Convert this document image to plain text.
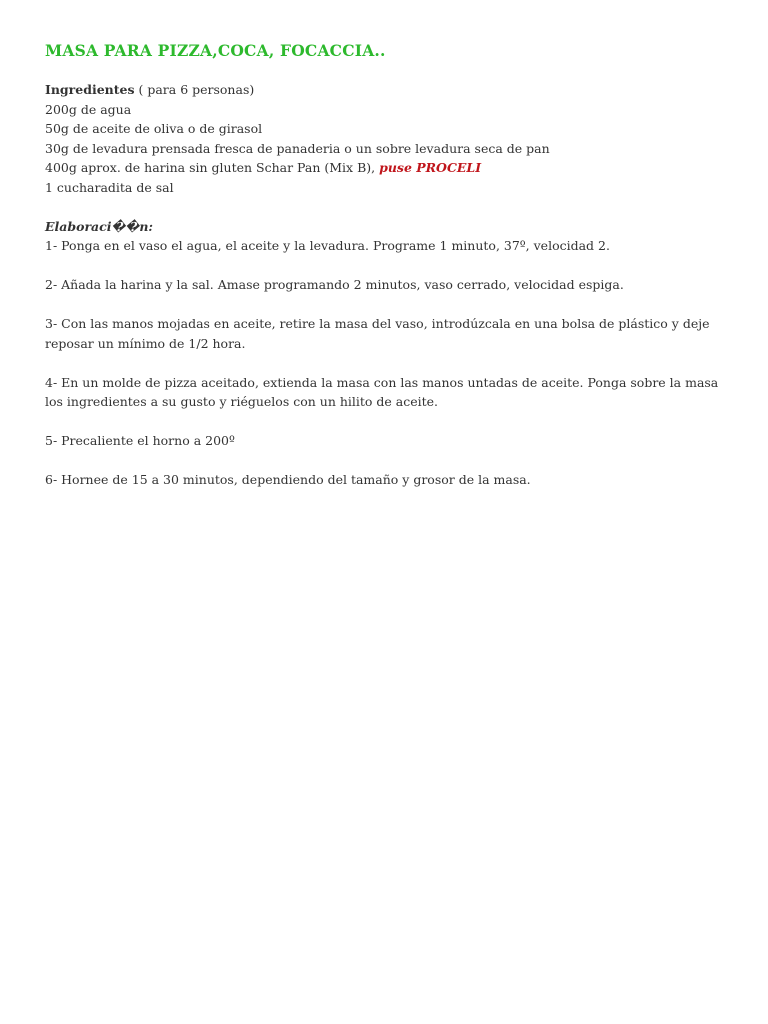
MASA PARA PIZZA,COCA, FOCACCIA..

Ingredientes ( para 6 personas)

200g de agua

50g de aceite de oliva o de girasol

30g de levadura prensada fresca de panaderia o un sobre levadura seca de pan

400g aprox. de harina sin gluten Schar Pan (Mix B), puse PROCELI

1 cucharadita de sal

Elaboraci��n:

1- Ponga en el vaso el agua, el aceite y la levadura. Programe 1 minuto, 37º, velocidad 2.

2- Añada la harina y la sal. Amase programando 2 minutos, vaso cerrado, velocidad espiga.

3- Con las manos mojadas en aceite, retire la masa del vaso, introdúzcala en una bolsa de plástico y deje reposar un mínimo de 1/2 hora.

4- En un molde de pizza aceitado, extienda la masa con las manos untadas de aceite. Ponga sobre la masa los ingredientes a su gusto y riéguelos con un hilito de aceite.

5- Precaliente el horno a 200º

6- Hornee de 15 a 30 minutos, dependiendo del tamaño y grosor de la masa.
